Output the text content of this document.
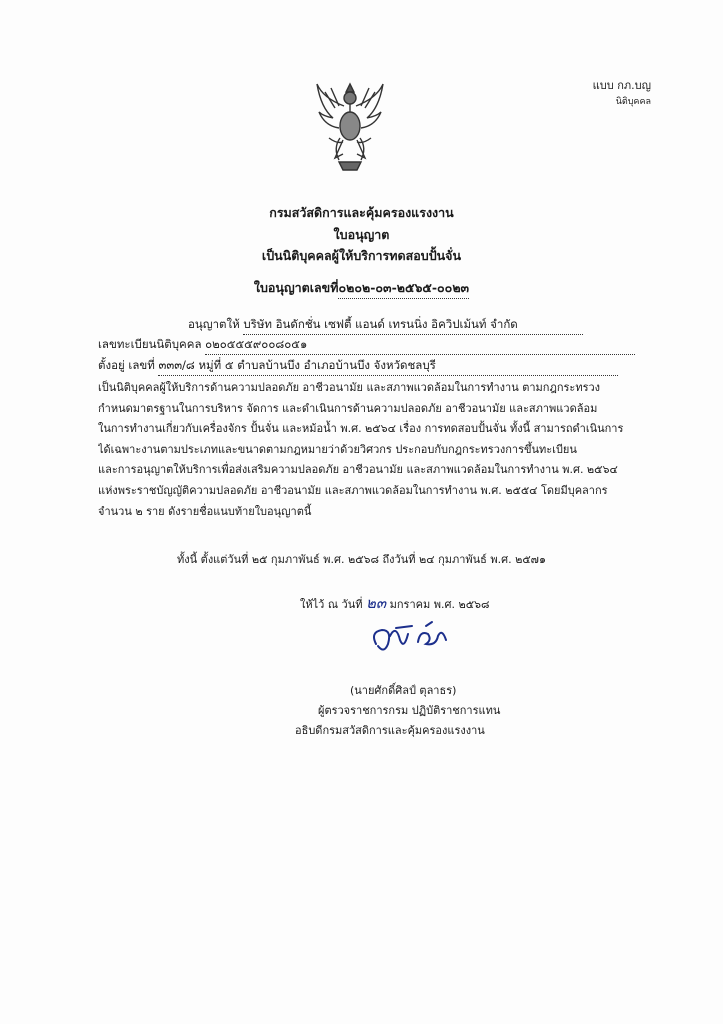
แบบ กภ.บญ
นิติบุคคล
กรมสวัสดิการและคุ้มครองแรงงาน
ใบอนุญาต
เป็นนิติบุคคลผู้ให้บริการทดสอบปั้นจั่น
ใบอนุญาตเลขที่๐๒๐๒-๐๓-๒๕๖๕-๐๐๒๓
อนุญาตให้ บริษัท อินดักชั่น เซฟตี้ แอนด์ เทรนนิ่ง อิควิปเม้นท์ จำกัด
เลขทะเบียนนิติบุคคล ๐๒๐๕๕๕๙๐๐๘๐๕๑
ตั้งอยู่ เลขที่ ๓๓๓/๘ หมู่ที่ ๕ ตำบลบ้านบึง อำเภอบ้านบึง จังหวัดชลบุรี
เป็นนิติบุคคลผู้ให้บริการด้านความปลอดภัย อาชีวอนามัย และสภาพแวดล้อมในการทำงาน ตามกฎกระทรวง
กำหนดมาตรฐานในการบริหาร จัดการ และดำเนินการด้านความปลอดภัย อาชีวอนามัย และสภาพแวดล้อม
ในการทำงานเกี่ยวกับเครื่องจักร ปั้นจั่น และหม้อน้ำ พ.ศ. ๒๕๖๔ เรื่อง การทดสอบปั้นจั่น ทั้งนี้ สามารถดำเนินการ
ได้เฉพาะงานตามประเภทและขนาดตามกฎหมายว่าด้วยวิศวกร ประกอบกับกฎกระทรวงการขึ้นทะเบียน
และการอนุญาตให้บริการเพื่อส่งเสริมความปลอดภัย อาชีวอนามัย และสภาพแวดล้อมในการทำงาน พ.ศ. ๒๕๖๔
แห่งพระราชบัญญัติความปลอดภัย อาชีวอนามัย และสภาพแวดล้อมในการทำงาน พ.ศ. ๒๕๕๔ โดยมีบุคลากร
จำนวน ๒ ราย ดังรายชื่อแนบท้ายใบอนุญาตนี้
ทั้งนี้ ตั้งแต่วันที่ ๒๕ กุมภาพันธ์ พ.ศ. ๒๕๖๘ ถึงวันที่ ๒๔ กุมภาพันธ์ พ.ศ. ๒๕๗๑
ให้ไว้ ณ วันที่ ๒๓ มกราคม พ.ศ. ๒๕๖๘
(นายศักดิ์ศิลป์ ตุลาธร)
ผู้ตรวจราชการกรม ปฏิบัติราชการแทน
อธิบดีกรมสวัสดิการและคุ้มครองแรงงาน
